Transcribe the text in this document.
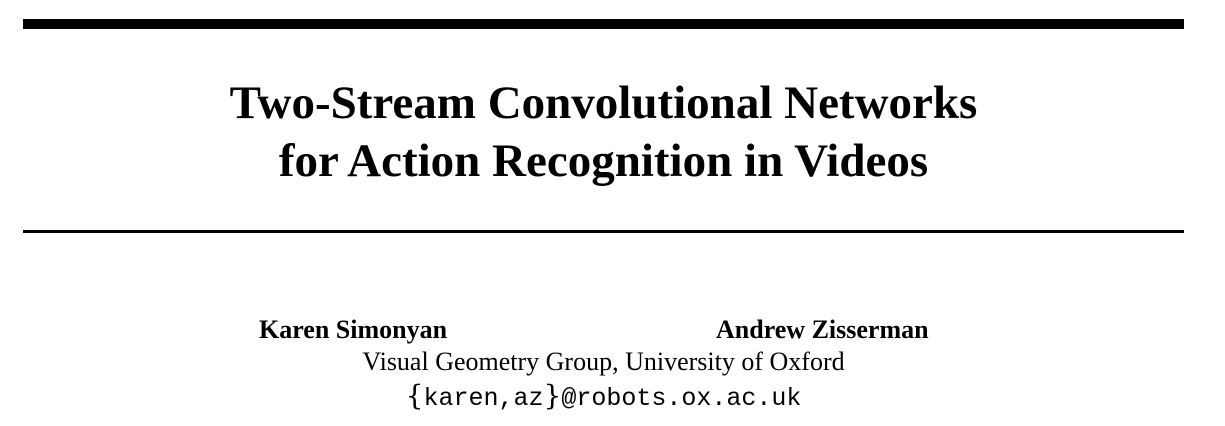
Two-Stream Convolutional Networks
for Action Recognition in Videos
Karen Simonyan	Andrew Zisserman
Visual Geometry Group, University of Oxford
{karen,az}@robots.ox.ac.uk
